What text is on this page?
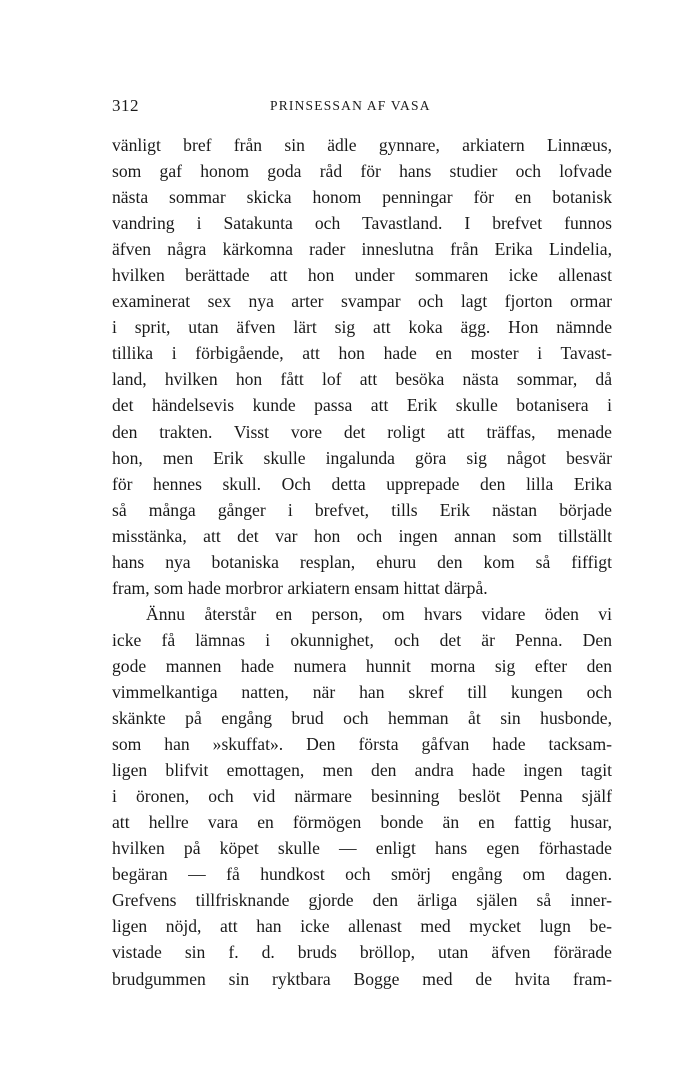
312	PRINSESSAN AF VASA
vänligt bref från sin ädle gynnare, arkiatern Linnæus,
som gaf honom goda råd för hans studier och lofvade
nästa sommar skicka honom penningar för en botanisk
vandring i Satakunta och Tavastland. I brefvet funnos
äfven några kärkomna rader inneslutna från Erika Lindelia,
hvilken berättade att hon under sommaren icke allenast
examinerat sex nya arter svampar och lagt fjorton ormar
i sprit, utan äfven lärt sig att koka ägg. Hon nämnde
tillika i förbigående, att hon hade en moster i Tavast-
land, hvilken hon fått lof att besöka nästa sommar, då
det händelsevis kunde passa att Erik skulle botanisera i
den trakten. Visst vore det roligt att träffas, menade
hon, men Erik skulle ingalunda göra sig något besvär
för hennes skull. Och detta upprepade den lilla Erika
så många gånger i brefvet, tills Erik nästan började
misstänka, att det var hon och ingen annan som tillställt
hans nya botaniska resplan, ehuru den kom så fiffigt
fram, som hade morbror arkiatern ensam hittat därpå.
Ännu återstår en person, om hvars vidare öden vi
icke få lämnas i okunnighet, och det är Penna. Den
gode mannen hade numera hunnit morna sig efter den
vimmelkantiga natten, när han skref till kungen och
skänkte på engång brud och hemman åt sin husbonde,
som han »skuffat». Den första gåfvan hade tacksam-
ligen blifvit emottagen, men den andra hade ingen tagit
i öronen, och vid närmare besinning beslöt Penna själf
att hellre vara en förmögen bonde än en fattig husar,
hvilken på köpet skulle — enligt hans egen förhastade
begäran — få hundkost och smörj engång om dagen.
Grefvens tillfrisknande gjorde den ärliga själen så inner-
ligen nöjd, att han icke allenast med mycket lugn be-
vistade sin f. d. bruds bröllop, utan äfven förärade
brudgummen sin ryktbara Bogge med de hvita fram-
